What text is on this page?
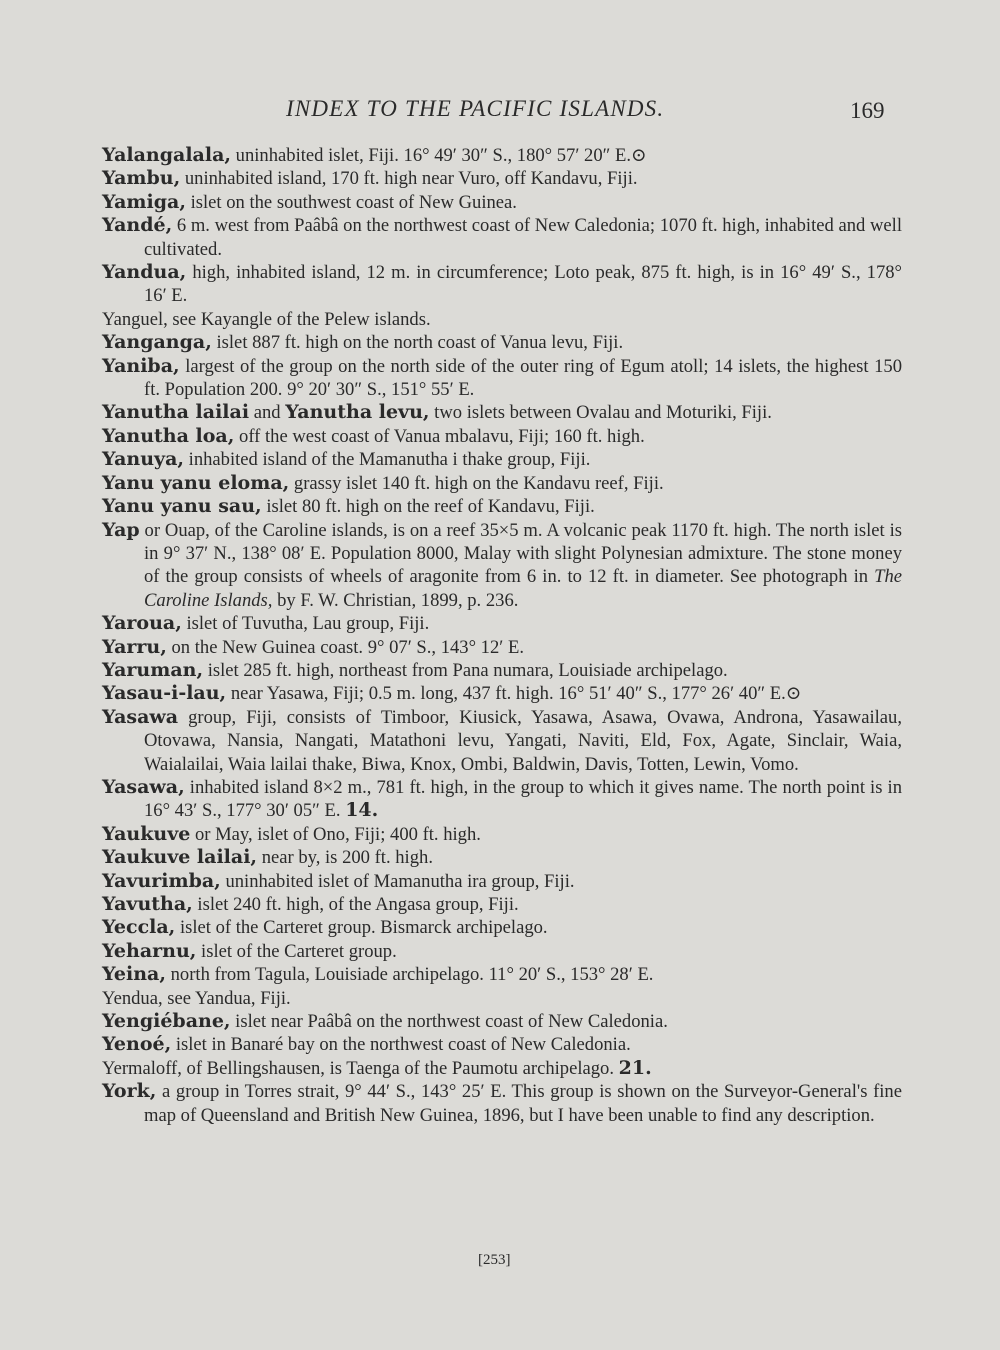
INDEX TO THE PACIFIC ISLANDS.	169
Yalangalala, uninhabited islet, Fiji. 16° 49′ 30″ S., 180° 57′ 20″ E.⊙
Yambu, uninhabited island, 170 ft. high near Vuro, off Kandavu, Fiji.
Yamiga, islet on the southwest coast of New Guinea.
Yandé, 6 m. west from Paâbâ on the northwest coast of New Caledonia; 1070 ft. high, inhabited and well cultivated.
Yandua, high, inhabited island, 12 m. in circumference; Loto peak, 875 ft. high, is in 16° 49′ S., 178° 16′ E.
Yanguel, see Kayangle of the Pelew islands.
Yanganga, islet 887 ft. high on the north coast of Vanua levu, Fiji.
Yaniba, largest of the group on the north side of the outer ring of Egum atoll; 14 islets, the highest 150 ft. Population 200. 9° 20′ 30″ S., 151° 55′ E.
Yanutha lailai and Yanutha levu, two islets between Ovalau and Moturiki, Fiji.
Yanutha loa, off the west coast of Vanua mbalavu, Fiji; 160 ft. high.
Yanuya, inhabited island of the Mamanutha i thake group, Fiji.
Yanu yanu eloma, grassy islet 140 ft. high on the Kandavu reef, Fiji.
Yanu yanu sau, islet 80 ft. high on the reef of Kandavu, Fiji.
Yap or Ouap, of the Caroline islands, is on a reef 35×5 m. A volcanic peak 1170 ft. high. The north islet is in 9° 37′ N., 138° 08′ E. Population 8000, Malay with slight Polynesian admixture. The stone money of the group consists of wheels of aragonite from 6 in. to 12 ft. in diameter. See photograph in The Caroline Islands, by F. W. Christian, 1899, p. 236.
Yaroua, islet of Tuvutha, Lau group, Fiji.
Yarru, on the New Guinea coast. 9° 07′ S., 143° 12′ E.
Yaruman, islet 285 ft. high, northeast from Pana numara, Louisiade archipelago.
Yasau-i-lau, near Yasawa, Fiji; 0.5 m. long, 437 ft. high. 16° 51′ 40″ S., 177° 26′ 40″ E.⊙
Yasawa group, Fiji, consists of Timboor, Kiusick, Yasawa, Asawa, Ovawa, Androna, Yasawailau, Otovawa, Nansia, Nangati, Matathoni levu, Yangati, Naviti, Eld, Fox, Agate, Sinclair, Waia, Waialailai, Waia lailai thake, Biwa, Knox, Ombi, Baldwin, Davis, Totten, Lewin, Vomo.
Yasawa, inhabited island 8×2 m., 781 ft. high, in the group to which it gives name. The north point is in 16° 43′ S., 177° 30′ 05″ E. 14.
Yaukuve or May, islet of Ono, Fiji; 400 ft. high.
Yaukuve lailai, near by, is 200 ft. high.
Yavurimba, uninhabited islet of Mamanutha ira group, Fiji.
Yavutha, islet 240 ft. high, of the Angasa group, Fiji.
Yeccla, islet of the Carteret group. Bismarck archipelago.
Yeharnu, islet of the Carteret group.
Yeina, north from Tagula, Louisiade archipelago. 11° 20′ S., 153° 28′ E.
Yendua, see Yandua, Fiji.
Yengiébane, islet near Paâbâ on the northwest coast of New Caledonia.
Yenoé, islet in Banaré bay on the northwest coast of New Caledonia.
Yermaloff, of Bellingshausen, is Taenga of the Paumotu archipelago. 21.
York, a group in Torres strait, 9° 44′ S., 143° 25′ E. This group is shown on the Surveyor-General's fine map of Queensland and British New Guinea, 1896, but I have been unable to find any description.
[253]
